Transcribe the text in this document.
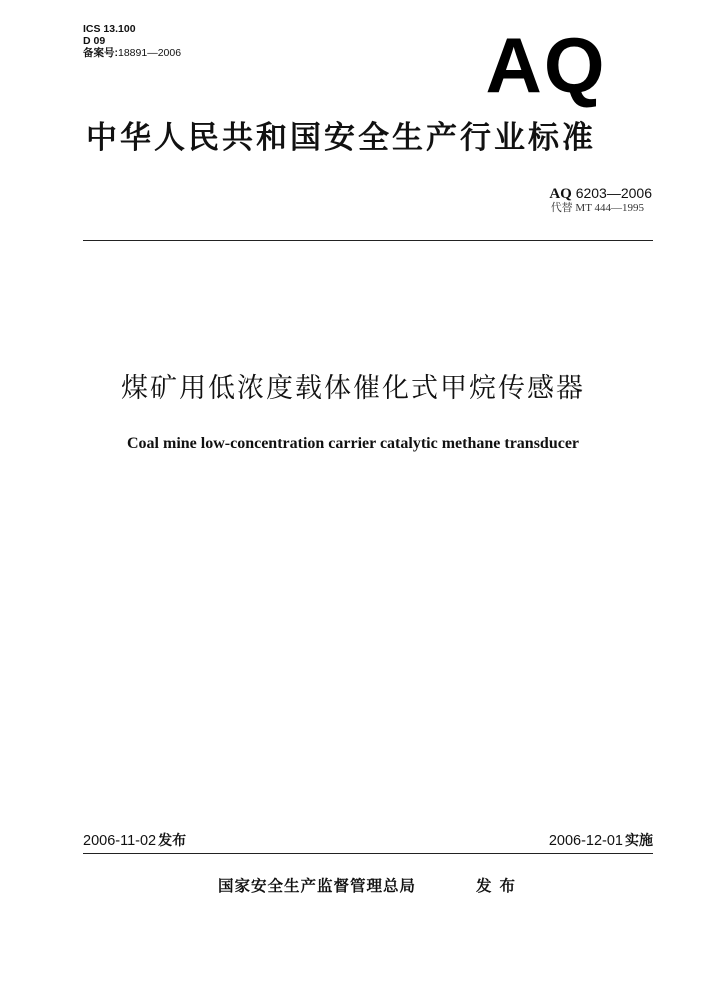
ICS 13.100
D 09
备案号:18891—2006	AQ
中华人民共和国安全生产行业标准
AQ 6203—2006
代替 MT 444—1995
煤矿用低浓度载体催化式甲烷传感器
Coal mine low-concentration carrier catalytic methane transducer
2006-11-02 发布	2006-12-01 实施
国家安全生产监督管理总局	发布
